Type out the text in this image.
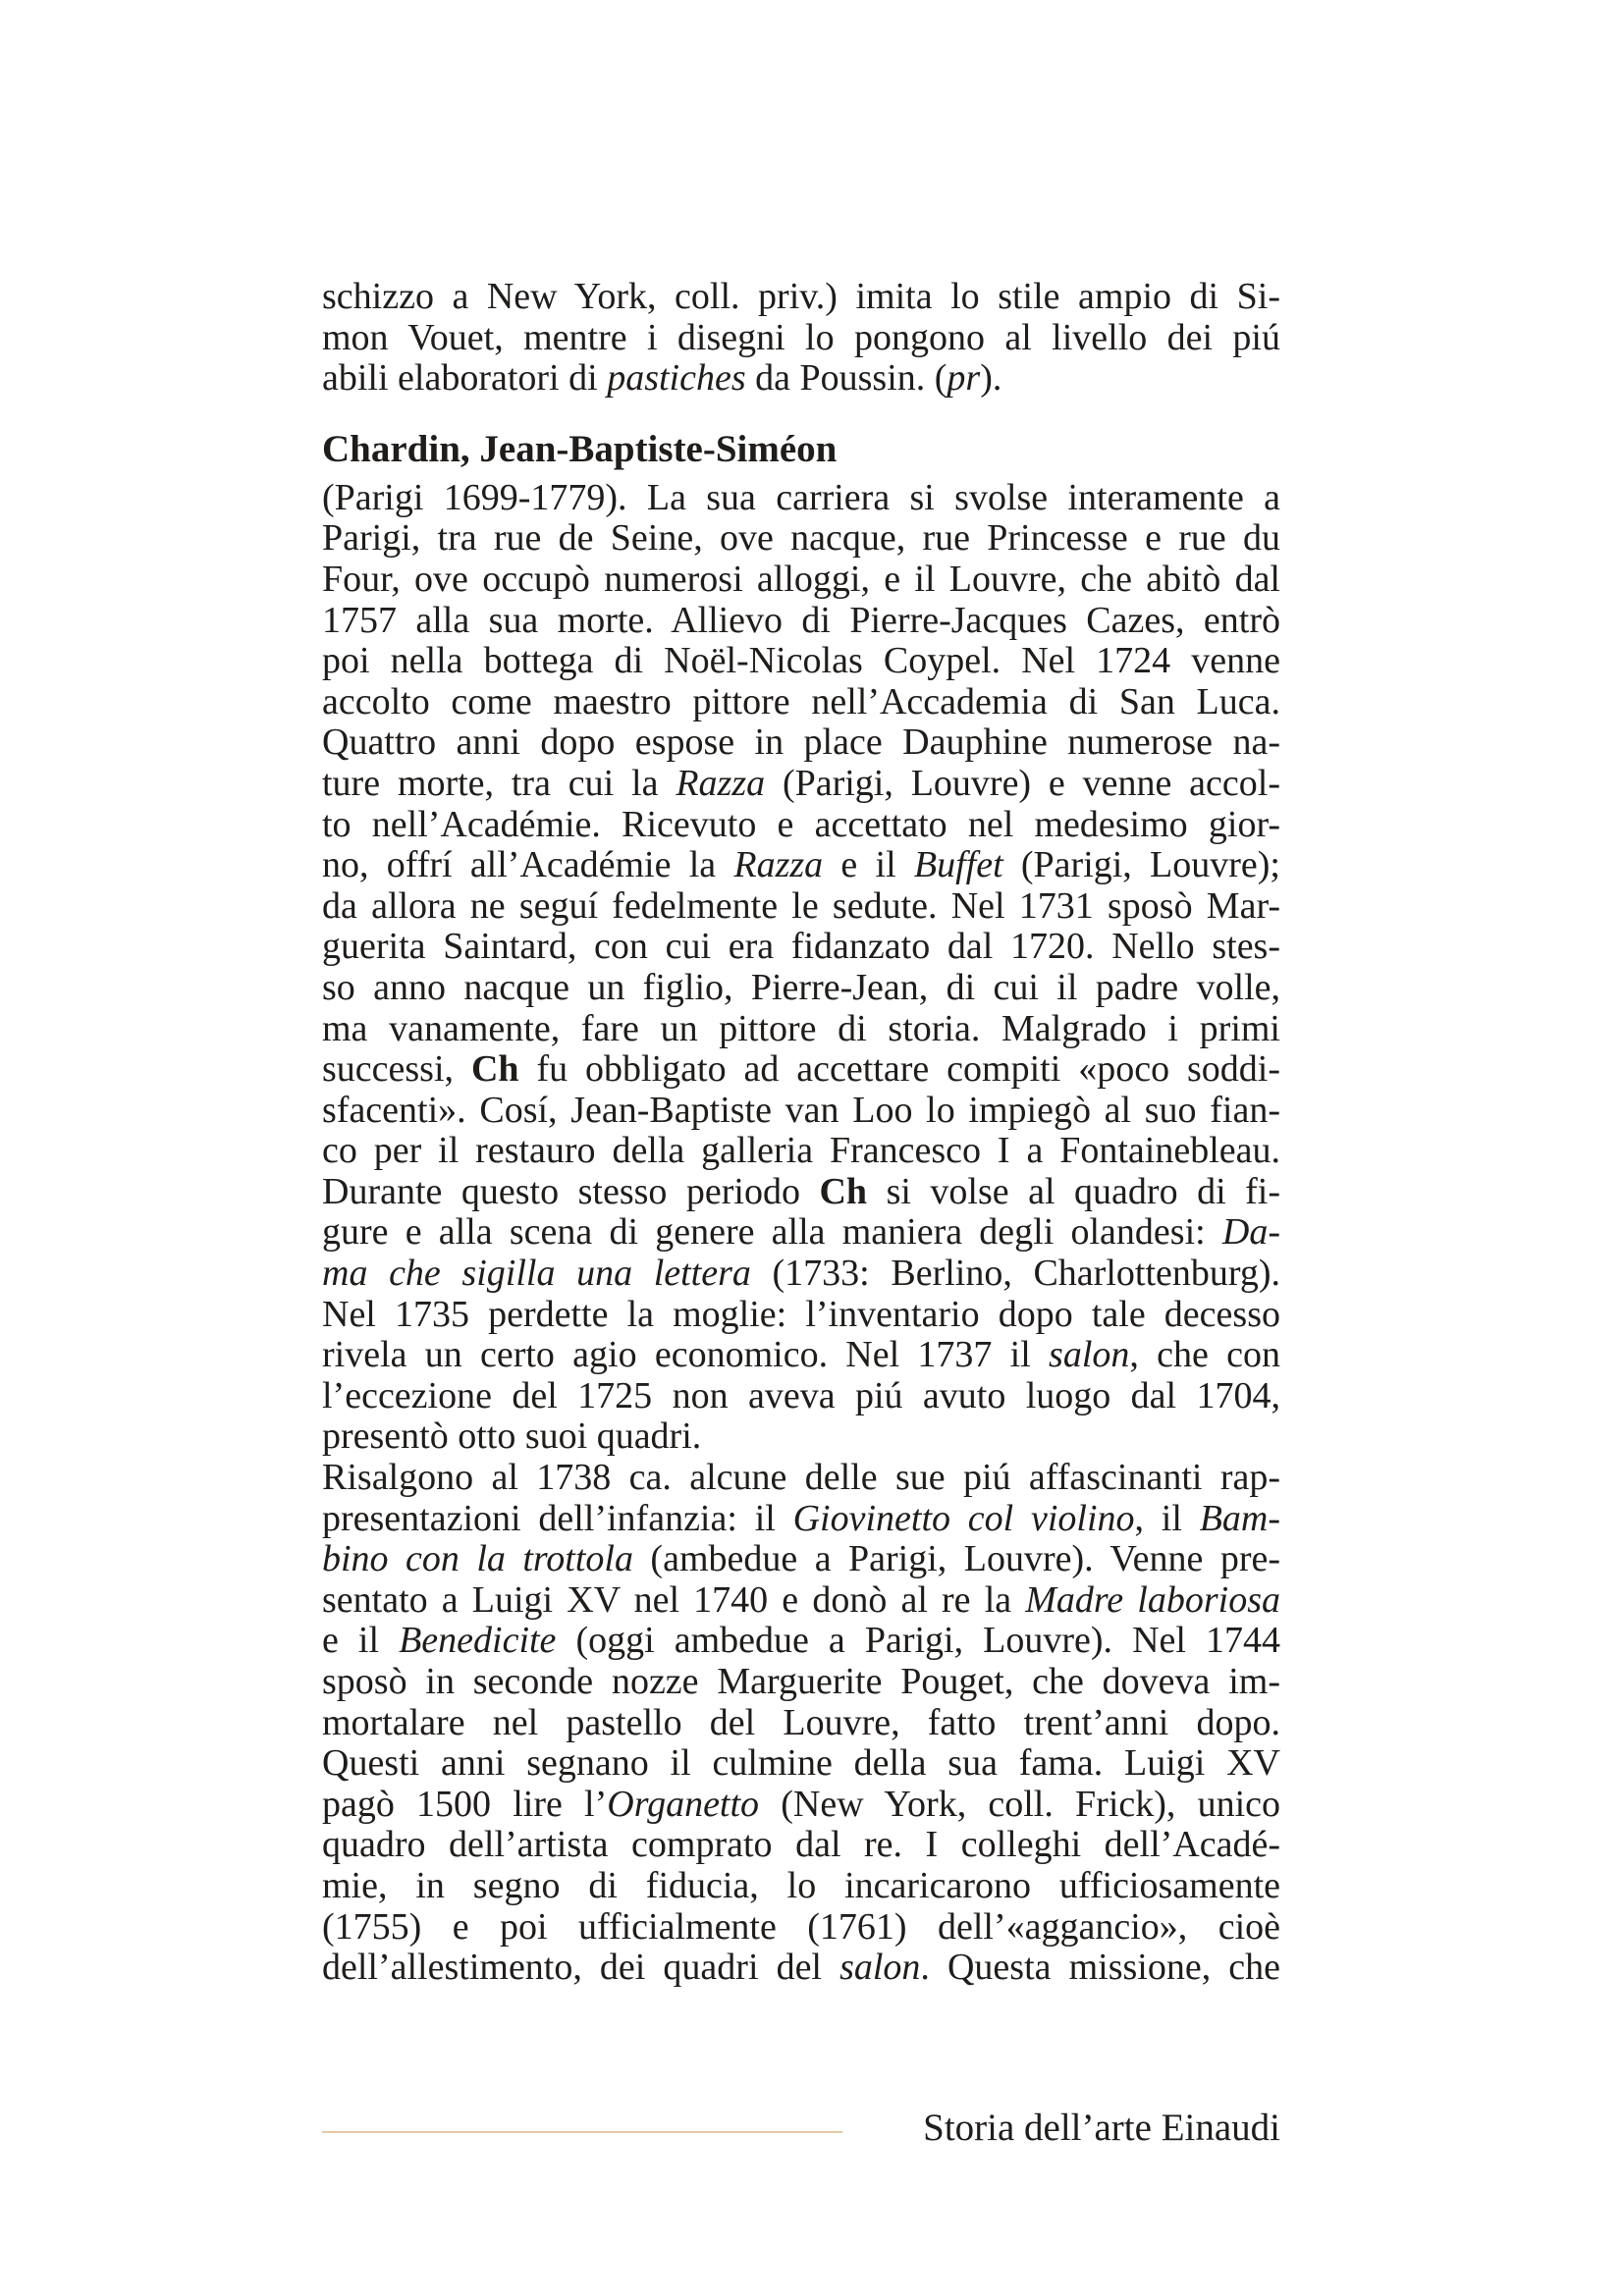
schizzo a New York, coll. priv.) imita lo stile ampio di Si-
mon Vouet, mentre i disegni lo pongono al livello dei piú
abili elaboratori di pastiches da Poussin. (pr).
Chardin, Jean-Baptiste-Siméon
(Parigi 1699-1779). La sua carriera si svolse interamente a
Parigi, tra rue de Seine, ove nacque, rue Princesse e rue du
Four, ove occupò numerosi alloggi, e il Louvre, che abitò dal
1757 alla sua morte. Allievo di Pierre-Jacques Cazes, entrò
poi nella bottega di Noël-Nicolas Coypel. Nel 1724 venne
accolto come maestro pittore nell’Accademia di San Luca.
Quattro anni dopo espose in place Dauphine numerose na-
ture morte, tra cui la Razza (Parigi, Louvre) e venne accol-
to nell’Académie. Ricevuto e accettato nel medesimo gior-
no, offrí all’Académie la Razza e il Buffet (Parigi, Louvre);
da allora ne seguí fedelmente le sedute. Nel 1731 sposò Mar-
guerita Saintard, con cui era fidanzato dal 1720. Nello stes-
so anno nacque un figlio, Pierre-Jean, di cui il padre volle,
ma vanamente, fare un pittore di storia. Malgrado i primi
successi, Ch fu obbligato ad accettare compiti «poco soddi-
sfacenti». Cosí, Jean-Baptiste van Loo lo impiegò al suo fian-
co per il restauro della galleria Francesco I a Fontainebleau.
Durante questo stesso periodo Ch si volse al quadro di fi-
gure e alla scena di genere alla maniera degli olandesi: Da-
ma che sigilla una lettera (1733: Berlino, Charlottenburg).
Nel 1735 perdette la moglie: l’inventario dopo tale decesso
rivela un certo agio economico. Nel 1737 il salon, che con
l’eccezione del 1725 non aveva piú avuto luogo dal 1704,
presentò otto suoi quadri.
Risalgono al 1738 ca. alcune delle sue piú affascinanti rap-
presentazioni dell’infanzia: il Giovinetto col violino, il Bam-
bino con la trottola (ambedue a Parigi, Louvre). Venne pre-
sentato a Luigi XV nel 1740 e donò al re la Madre laboriosa
e il Benedicite (oggi ambedue a Parigi, Louvre). Nel 1744
sposò in seconde nozze Marguerite Pouget, che doveva im-
mortalare nel pastello del Louvre, fatto trent’anni dopo.
Questi anni segnano il culmine della sua fama. Luigi XV
pagò 1500 lire l’Organetto (New York, coll. Frick), unico
quadro dell’artista comprato dal re. I colleghi dell’Acadé-
mie, in segno di fiducia, lo incaricarono ufficiosamente
(1755) e poi ufficialmente (1761) dell’«aggancio», cioè
dell’allestimento, dei quadri del salon. Questa missione, che
Storia dell’arte Einaudi
